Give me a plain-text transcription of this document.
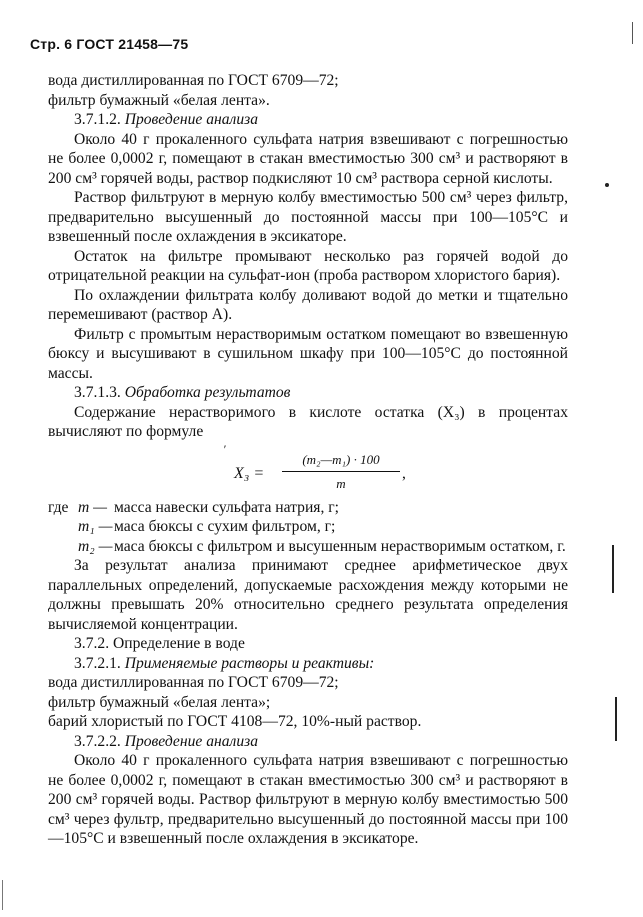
Стр. 6 ГОСТ 21458—75

вода дистиллированная по ГОСТ 6709—72;

фильтр бумажный «белая лента».

3.7.1.2. Проведение анализа

Около 40 г прокаленного сульфата натрия взвешивают с погрешностью не более 0,0002 г, помещают в стакан вместимостью 300 см³ и растворяют в 200 см³ горячей воды, раствор подкисляют 10 см³ раствора серной кислоты.

Раствор фильтруют в мерную колбу вместимостью 500 см³ через фильтр, предварительно высушенный до постоянной массы при 100—105°С и взвешенный после охлаждения в эксикаторе.

Остаток на фильтре промывают несколько раз горячей водой до отрицательной реакции на сульфат-ион (проба раствором хлористого бария).

По охлаждении фильтрата колбу доливают водой до метки и тщательно перемешивают (раствор А).

Фильтр с промытым нерастворимым остатком помещают во взвешенную бюксу и высушивают в сушильном шкафу при 100—105°С до постоянной массы.

3.7.1.3. Обработка результатов

Содержание нерастворимого в кислоте остатка (X₃) в процентах вычисляют по формуле

′
$X_3 = \frac{\text{(m₂—m₁) · 100}}{m}$ ,
где m — масса навески сульфата натрия, г;
m₁ — маса бюксы с сухим фильтром, г;
m₂ — маса бюксы с фильтром и высушенным нерастворимым остатком, г.

За результат анализа принимают среднее арифметическое двух параллельных определений, допускаемые расхождения между которыми не должны превышать 20% относительно среднего результата определения вычисляемой концентрации.

3.7.2. Определение в воде

3.7.2.1. Применяемые растворы и реактивы:

вода дистиллированная по ГОСТ 6709—72;

фильтр бумажный «белая лента»;

барий хлористый по ГОСТ 4108—72, 10%-ный раствор.

3.7.2.2. Проведение анализа

Около 40 г прокаленного сульфата натрия взвешивают с погрешностью не более 0,0002 г, помещают в стакан вместимостью 300 см³ и растворяют в 200 см³ горячей воды. Раствор фильтруют в мерную колбу вместимостью 500 см³ через фультр, предварительно высушенный до постоянной массы при 100—105°С и взвешенный после охлаждения в эксикаторе.
